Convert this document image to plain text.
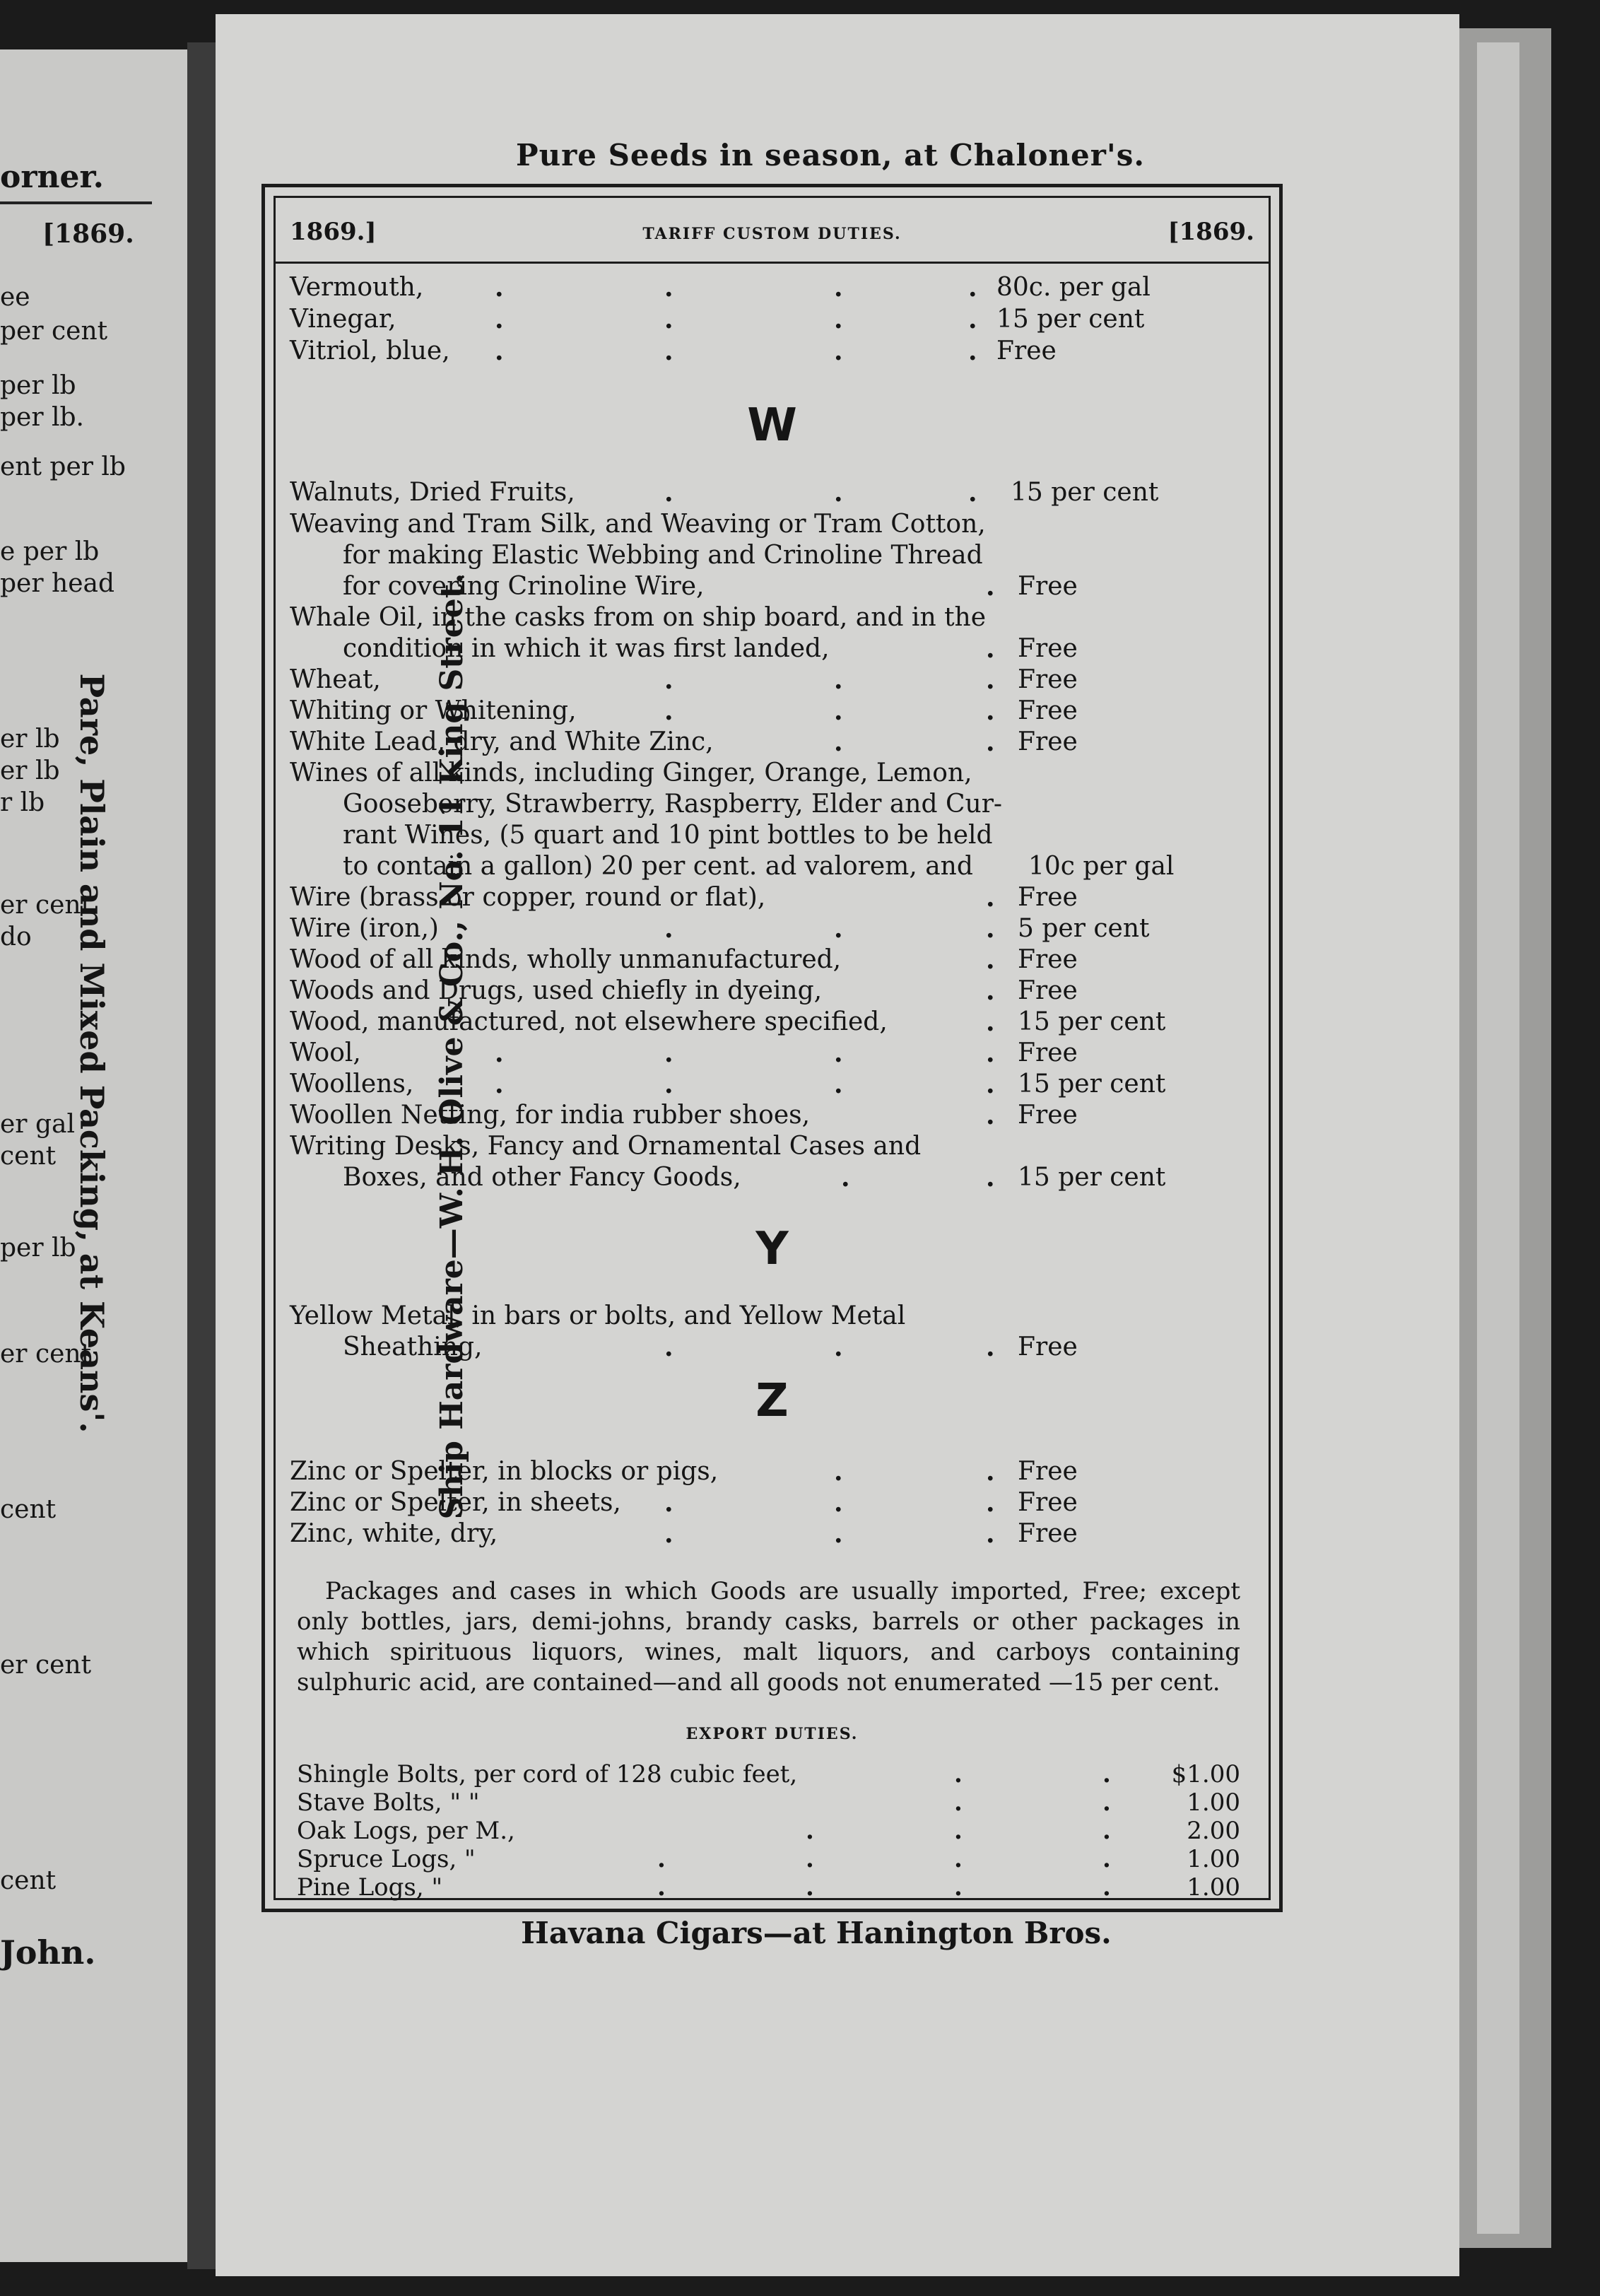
orner.
[1869.
ee
per cent
per lb
per lb.
ent per lb
e per lb
per head
er lb
er lb
r lb
er cent
do
er gal
cent
per lb
er cent
cent
er cent
cent
Pare, Plain and Mixed Packing, at Keans'.
John.
Pure Seeds in season, at Chaloner's.
Ship Hardware—W. H. Olive & Co., No. 11 King Street.
1869.]	TARIFF CUSTOM DUTIES.	[1869.
Vermouth,	.	.	.	. 80c. per gal
Vinegar,	.	.	.	. 15 per cent
Vitriol, blue, .	.	.	. Free
W
Walnuts, Dried Fruits,	.	.	. 15 per cent
Weaving and Tram Silk, and Weaving or Tram Cotton,
for making Elastic Webbing and Crinoline Thread
for covering Crinoline Wire,	. Free
Whale Oil, in the casks from on ship board, and in the
condition in which it was first landed,	. Free
Wheat,	.	.	. Free
Whiting or Whitening,	.	.	. Free
White Lead, dry, and White Zinc,	.	. Free
Wines of all kinds, including Ginger, Orange, Lemon,
Gooseberry, Strawberry, Raspberry, Elder and Cur-
rant Wines, (5 quart and 10 pint bottles to be held
to contain a gallon) 20 per cent. ad valorem, and 10c per gal
Wire (brass or copper, round or flat),	. Free
Wire (iron,)	.	.	. 5 per cent
Wood of all kinds, wholly unmanufactured,	. Free
Woods and Drugs, used chiefly in dyeing,	. Free
Wood, manufactured, not elsewhere specified,	. 15 per cent
Wool,	.	.	.	. Free
Woollens,	.	.	.	. 15 per cent
Woollen Netting, for india rubber shoes,	. Free
Writing Desks, Fancy and Ornamental Cases and
Boxes, and other Fancy Goods,	.	. 15 per cent
Y
Yellow Metal, in bars or bolts, and Yellow Metal
Sheathing,	.	.	. Free
Z
Zinc or Spelter, in blocks or pigs,	.	. Free
Zinc or Spelter, in sheets, .	.	. Free
Zinc, white, dry,	.	.	. Free
Packages and cases in which Goods are usually imported, Free; except only bottles, jars, demi-johns, brandy casks, barrels or other packages in which spirituous liquors, wines, malt liquors, and carboys containing sulphuric acid, are contained—and all goods not enumerated —15 per cent.
EXPORT DUTIES.
Shingle Bolts, per cord of 128 cubic feet,	.	.	$1.00
Stave Bolts, " "	.	.	1.00
Oak Logs, per M.,	.	.	.	2.00
Spruce Logs, "	.	.	.	.	1.00
Pine Logs, "	.	.	.	.	1.00
Havana Cigars—at Hanington Bros.
